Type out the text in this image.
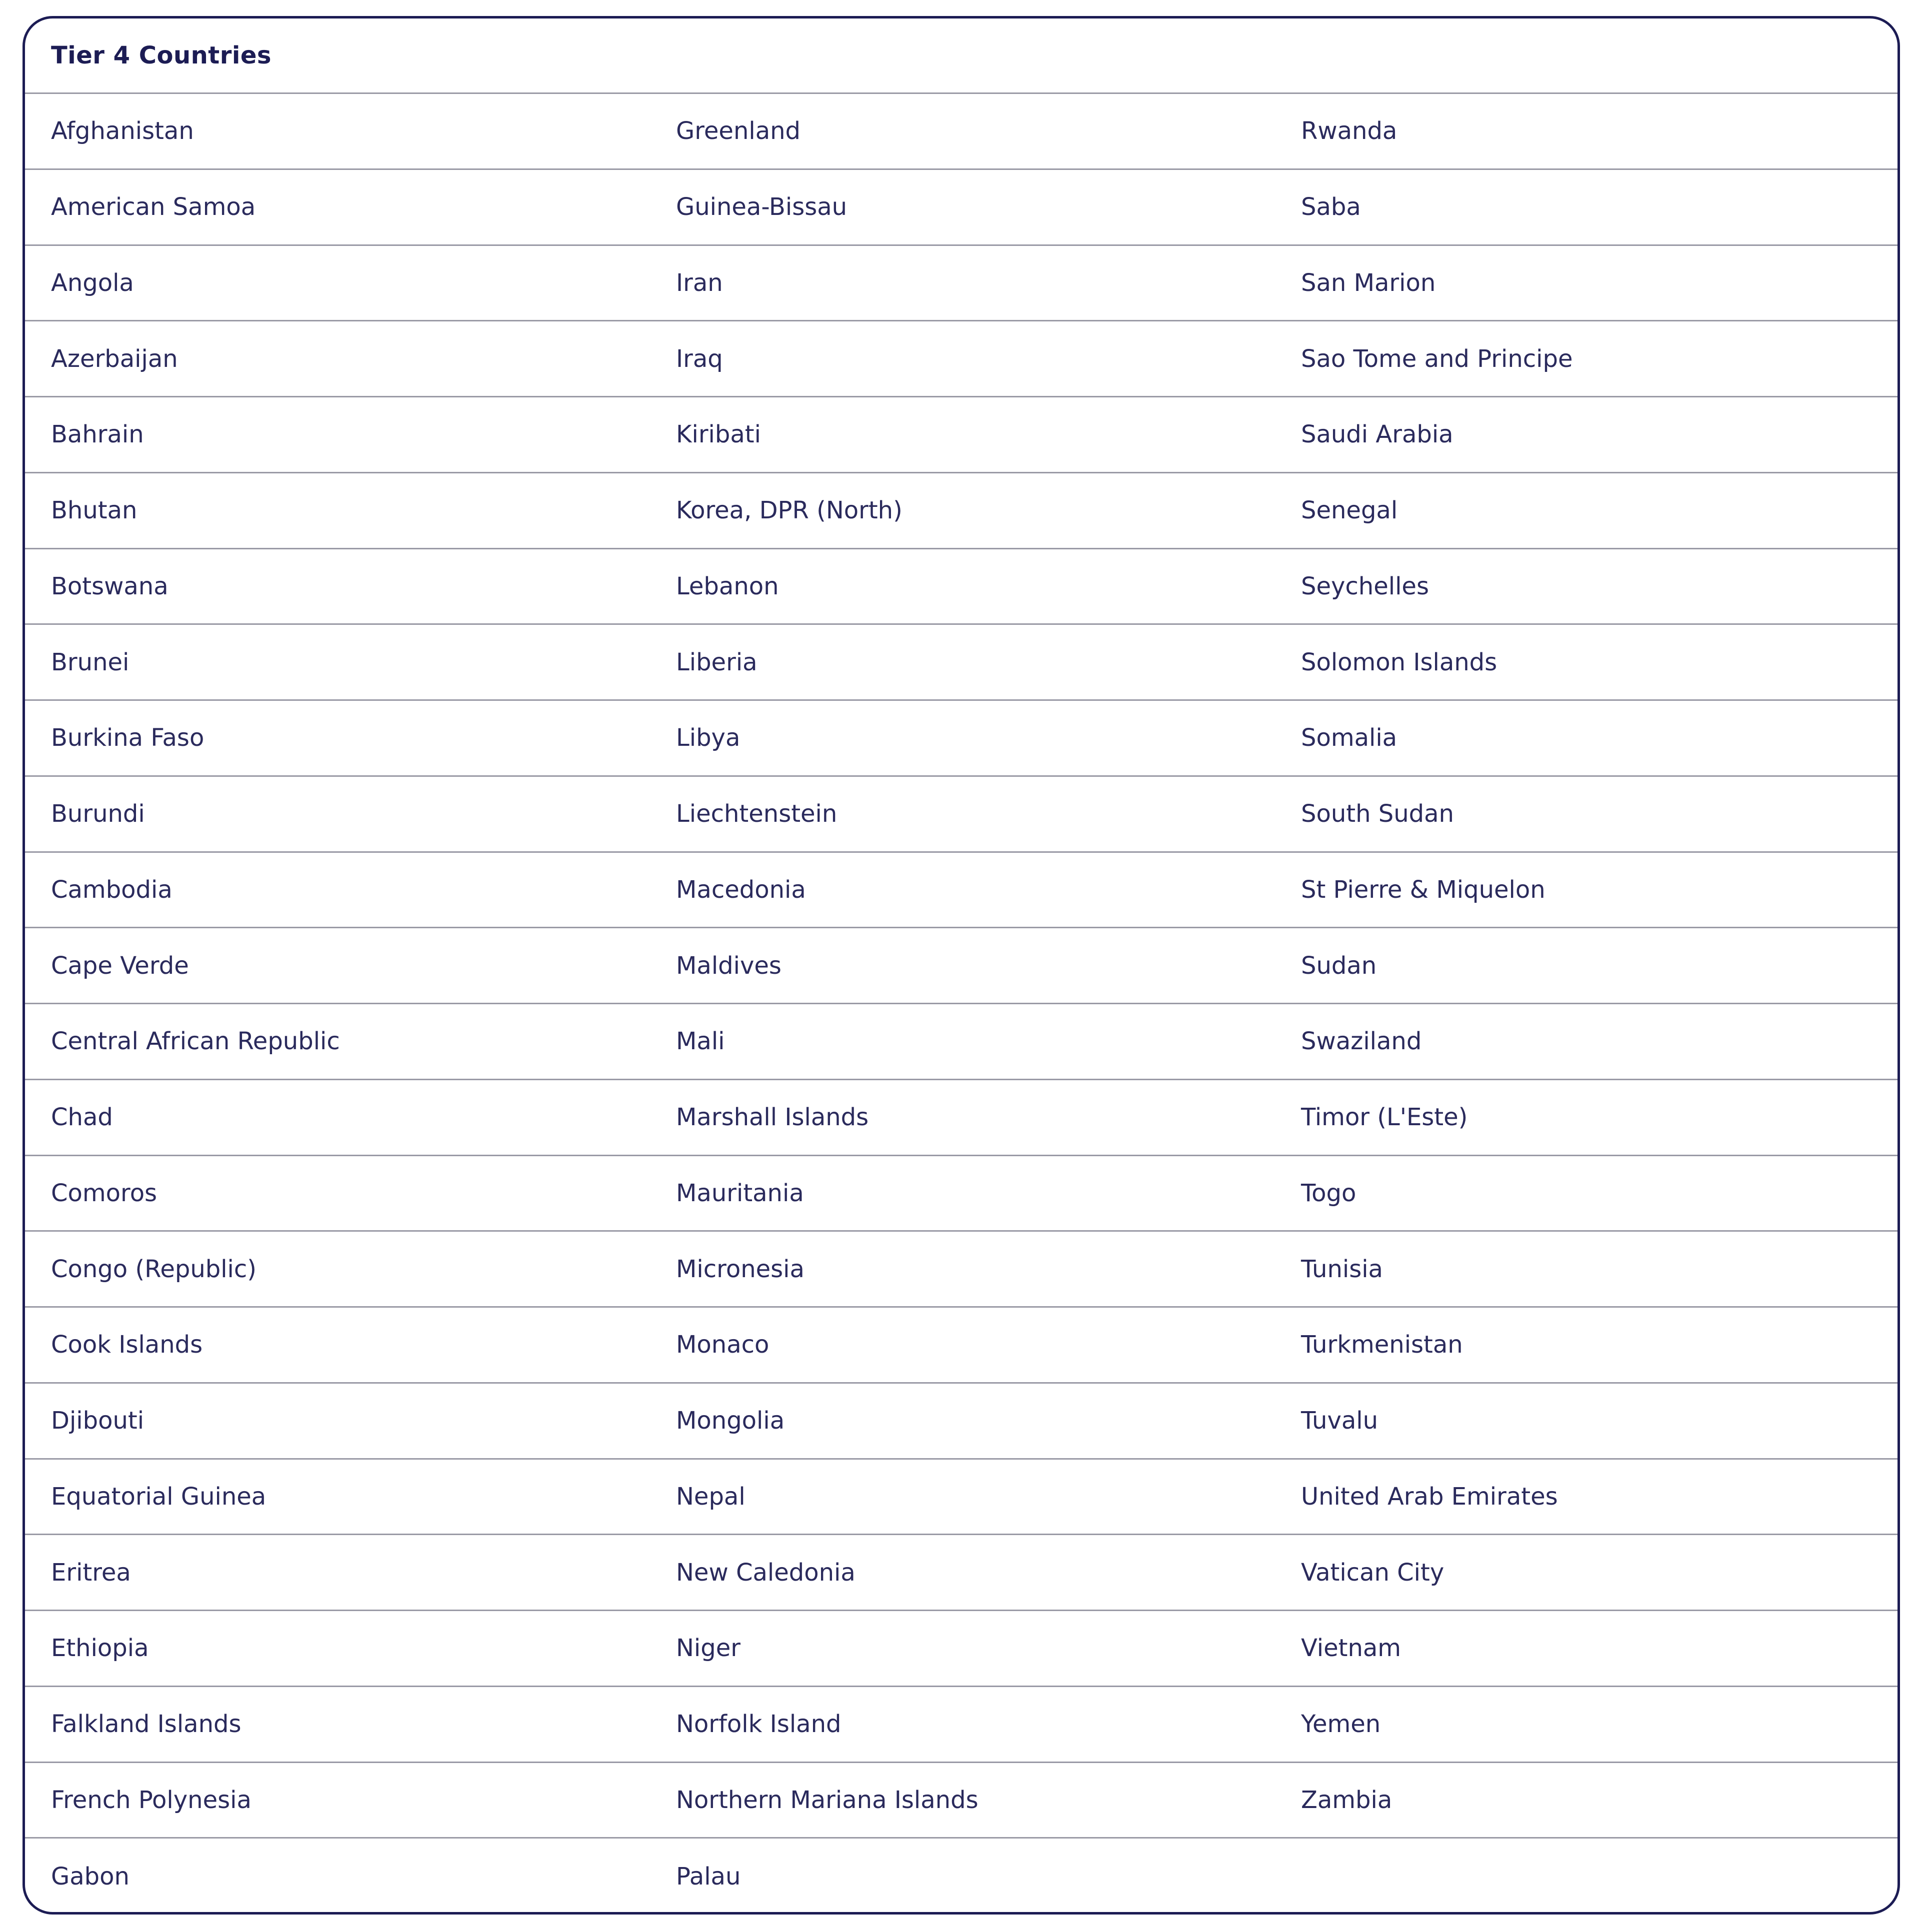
Tier 4 Countries
Afghanistan	Greenland	Rwanda
American Samoa	Guinea-Bissau	Saba
Angola	Iran	San Marion
Azerbaijan	Iraq	Sao Tome and Principe
Bahrain	Kiribati	Saudi Arabia
Bhutan	Korea, DPR (North)	Senegal
Botswana	Lebanon	Seychelles
Brunei	Liberia	Solomon Islands
Burkina Faso	Libya	Somalia
Burundi	Liechtenstein	South Sudan
Cambodia	Macedonia	St Pierre & Miquelon
Cape Verde	Maldives	Sudan
Central African Republic	Mali	Swaziland
Chad	Marshall Islands	Timor (L'Este)
Comoros	Mauritania	Togo
Congo (Republic)	Micronesia	Tunisia
Cook Islands	Monaco	Turkmenistan
Djibouti	Mongolia	Tuvalu
Equatorial Guinea	Nepal	United Arab Emirates
Eritrea	New Caledonia	Vatican City
Ethiopia	Niger	Vietnam
Falkland Islands	Norfolk Island	Yemen
French Polynesia	Northern Mariana Islands	Zambia
Gabon	Palau
